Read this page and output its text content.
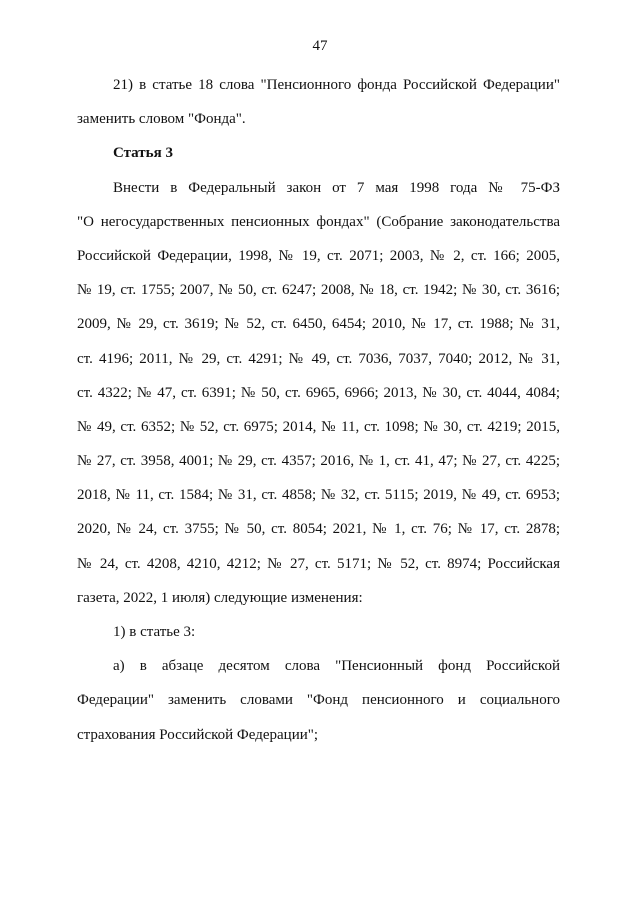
47
21) в статье 18 слова "Пенсионного фонда Российской Федерации"
заменить словом "Фонда".
Статья 3
Внести в Федеральный закон от 7 мая 1998 года № 75-ФЗ
"О негосударственных пенсионных фондах" (Собрание законодательства
Российской Федерации, 1998, № 19, ст. 2071; 2003, № 2, ст. 166; 2005,
№ 19, ст. 1755; 2007, № 50, ст. 6247; 2008, № 18, ст. 1942; № 30, ст. 3616;
2009, № 29, ст. 3619; № 52, ст. 6450, 6454; 2010, № 17, ст. 1988; № 31,
ст. 4196; 2011, № 29, ст. 4291; № 49, ст. 7036, 7037, 7040; 2012, № 31,
ст. 4322; № 47, ст. 6391; № 50, ст. 6965, 6966; 2013, № 30, ст. 4044, 4084;
№ 49, ст. 6352; № 52, ст. 6975; 2014, № 11, ст. 1098; № 30, ст. 4219; 2015,
№ 27, ст. 3958, 4001; № 29, ст. 4357; 2016, № 1, ст. 41, 47; № 27, ст. 4225;
2018, № 11, ст. 1584; № 31, ст. 4858; № 32, ст. 5115; 2019, № 49, ст. 6953;
2020, № 24, ст. 3755; № 50, ст. 8054; 2021, № 1, ст. 76; № 17, ст. 2878;
№ 24, ст. 4208, 4210, 4212; № 27, ст. 5171; № 52, ст. 8974; Российская
газета, 2022, 1 июля) следующие изменения:
1) в статье 3:
а) в абзаце десятом слова "Пенсионный фонд Российской
Федерации" заменить словами "Фонд пенсионного и социального
страхования Российской Федерации";
